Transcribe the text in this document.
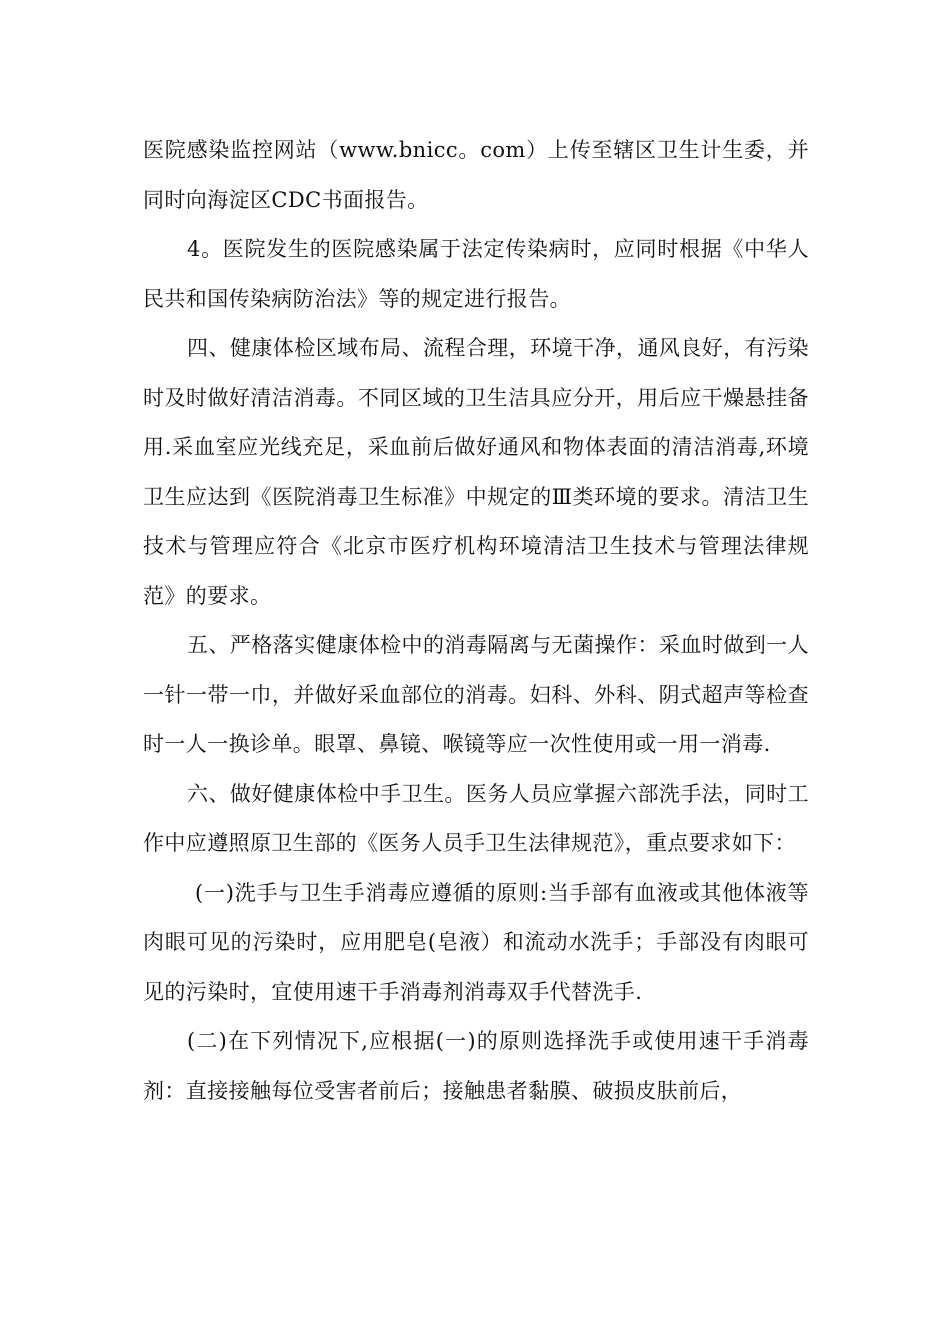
医院感染监控网站（www.bnicc。com）上传至辖区卫生计生委，并同时向海淀区CDC书面报告。

4。医院发生的医院感染属于法定传染病时，应同时根据《中华人民共和国传染病防治法》等的规定进行报告。

四、健康体检区域布局、流程合理，环境干净，通风良好，有污染时及时做好清洁消毒。不同区域的卫生洁具应分开，用后应干燥悬挂备用.采血室应光线充足，采血前后做好通风和物体表面的清洁消毒,环境卫生应达到《医院消毒卫生标准》中规定的Ⅲ类环境的要求。清洁卫生技术与管理应符合《北京市医疗机构环境清洁卫生技术与管理法律规范》的要求。

五、严格落实健康体检中的消毒隔离与无菌操作：采血时做到一人一针一带一巾，并做好采血部位的消毒。妇科、外科、阴式超声等检查时一人一换诊单。眼罩、鼻镜、喉镜等应一次性使用或一用一消毒.

六、做好健康体检中手卫生。医务人员应掌握六部洗手法，同时工作中应遵照原卫生部的《医务人员手卫生法律规范》，重点要求如下：

(一)洗手与卫生手消毒应遵循的原则:当手部有血液或其他体液等肉眼可见的污染时，应用肥皂(皂液）和流动水洗手；手部没有肉眼可见的污染时，宜使用速干手消毒剂消毒双手代替洗手.

(二)在下列情况下,应根据(一)的原则选择洗手或使用速干手消毒剂：直接接触每位受害者前后；接触患者黏膜、破损皮肤前后，
